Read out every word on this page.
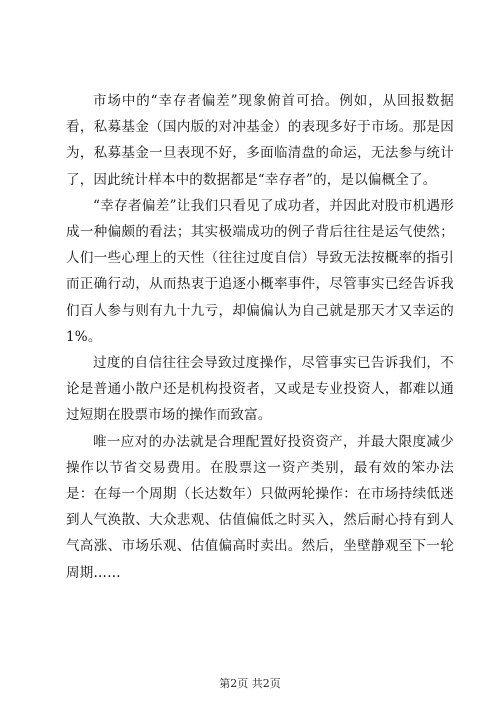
市场中的“幸存者偏差”现象俯首可拾。例如，从回报数据看，私募基金（国内版的对冲基金）的表现多好于市场。那是因为，私募基金一旦表现不好，多面临清盘的命运，无法参与统计了，因此统计样本中的数据都是“幸存者”的，是以偏概全了。

“幸存者偏差”让我们只看见了成功者，并因此对股市机遇形成一种偏颇的看法；其实极端成功的例子背后往往是运气使然；人们一些心理上的天性（往往过度自信）导致无法按概率的指引而正确行动，从而热衷于追逐小概率事件，尽管事实已经告诉我们百人参与则有九十九亏，却偏偏认为自己就是那天才又幸运的1%。

过度的自信往往会导致过度操作，尽管事实已告诉我们，不论是普通小散户还是机构投资者，又或是专业投资人，都难以通过短期在股票市场的操作而致富。

唯一应对的办法就是合理配置好投资资产，并最大限度减少操作以节省交易费用。在股票这一资产类别，最有效的笨办法是：在每一个周期（长达数年）只做两轮操作：在市场持续低迷到人气涣散、大众悲观、估值偏低之时买入，然后耐心持有到人气高涨、市场乐观、估值偏高时卖出。然后，坐壁静观至下一轮周期……

第2页 共2页
